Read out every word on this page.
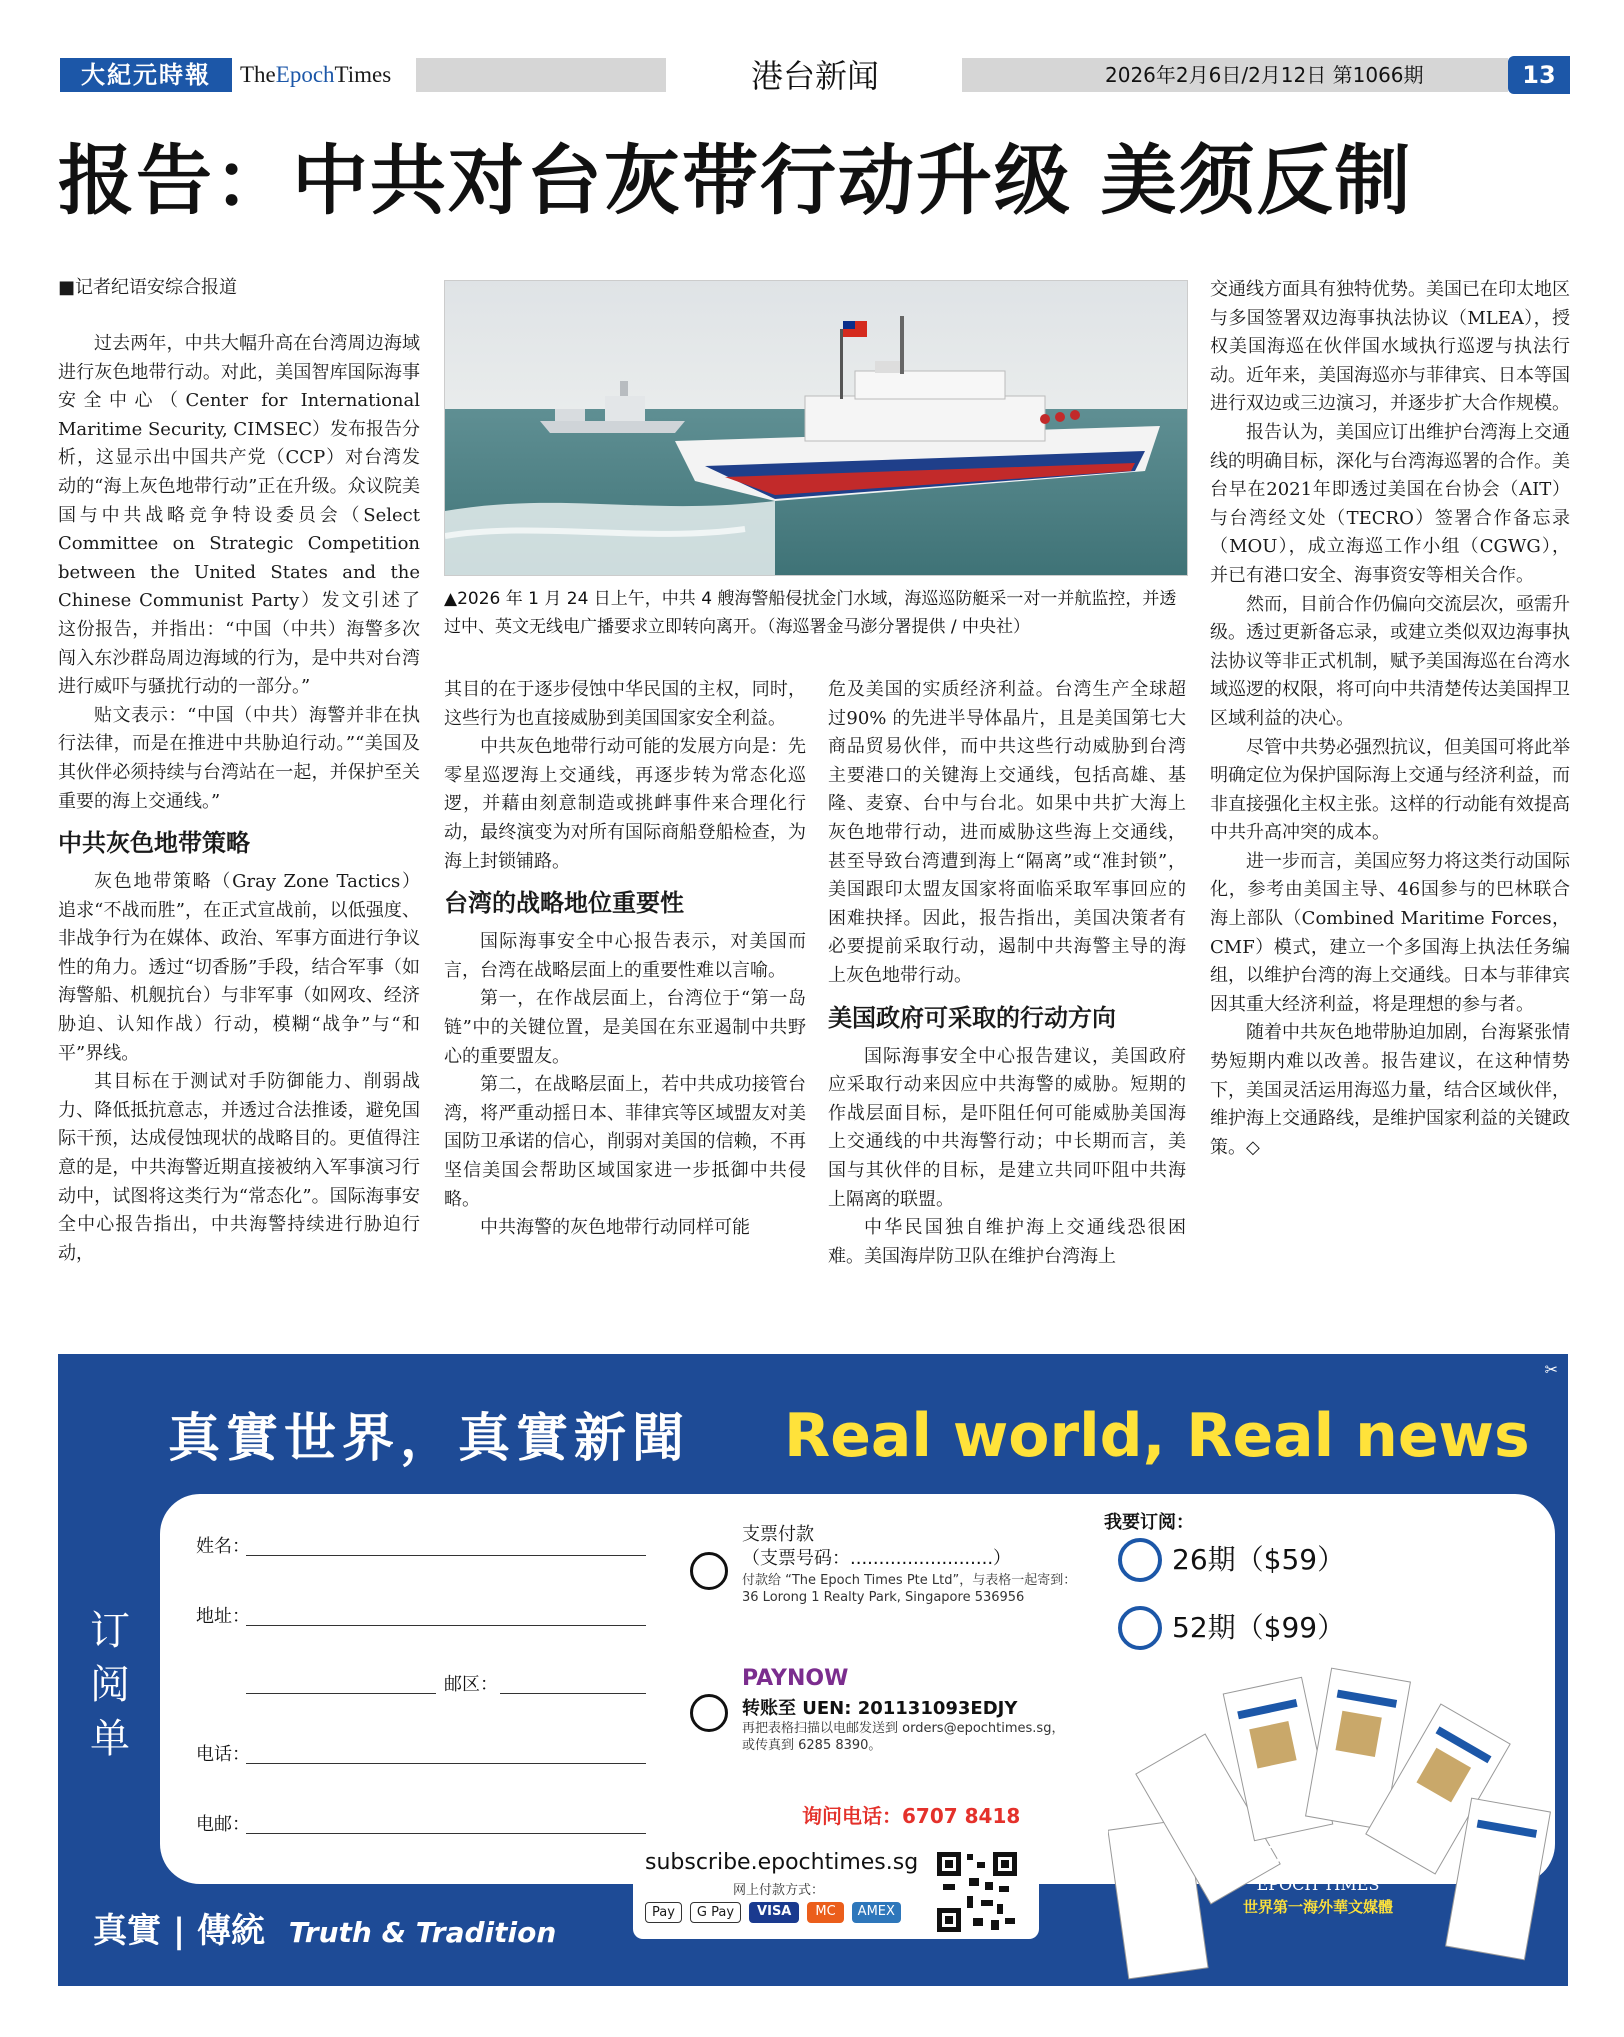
大紀元時報	TheEpochTimes	港台新闻	2026年2月6日/2月12日 第1066期	13
报告：中共对台灰带行动升级 美须反制
■记者纪语安综合报道

过去两年，中共大幅升高在台湾周边海域进行灰色地带行动。对此，美国智库国际海事安全中心（Center for International Maritime Security, CIMSEC）发布报告分析，这显示出中国共产党（CCP）对台湾发动的“海上灰色地带行动”正在升级。众议院美国与中共战略竞争特设委员会（Select Committee on Strategic Competition between the United States and the Chinese Communist Party）发文引述了这份报告，并指出：“中国（中共）海警多次闯入东沙群岛周边海域的行为，是中共对台湾进行威吓与骚扰行动的一部分。”

贴文表示：“中国（中共）海警并非在执行法律，而是在推进中共胁迫行动。”“美国及其伙伴必须持续与台湾站在一起，并保护至关重要的海上交通线。”

中共灰色地带策略

灰色地带策略（Gray Zone Tactics）追求“不战而胜”，在正式宣战前，以低强度、非战争行为在媒体、政治、军事方面进行争议性的角力。透过“切香肠”手段，结合军事（如海警船、机舰抗台）与非军事（如网攻、经济胁迫、认知作战）行动，模糊“战争”与“和平”界线。

其目标在于测试对手防御能力、削弱战力、降低抵抗意志，并透过合法推诿，避免国际干预，达成侵蚀现状的战略目的。更值得注意的是，中共海警近期直接被纳入军事演习行动中，试图将这类行为“常态化”。国际海事安全中心报告指出，中共海警持续进行胁迫行动，

▲2026 年 1 月 24 日上午，中共 4 艘海警船侵扰金门水域，海巡巡防艇采一对一并航监控，并透过中、英文无线电广播要求立即转向离开。（海巡署金马澎分署提供 / 中央社）

其目的在于逐步侵蚀中华民国的主权，同时，这些行为也直接威胁到美国国家安全利益。

中共灰色地带行动可能的发展方向是：先零星巡逻海上交通线，再逐步转为常态化巡逻，并藉由刻意制造或挑衅事件来合理化行动，最终演变为对所有国际商船登船检查，为海上封锁铺路。

台湾的战略地位重要性

国际海事安全中心报告表示，对美国而言，台湾在战略层面上的重要性难以言喻。

第一，在作战层面上，台湾位于“第一岛链”中的关键位置，是美国在东亚遏制中共野心的重要盟友。

第二，在战略层面上，若中共成功接管台湾，将严重动摇日本、菲律宾等区域盟友对美国防卫承诺的信心，削弱对美国的信赖，不再坚信美国会帮助区域国家进一步抵御中共侵略。

中共海警的灰色地带行动同样可能

危及美国的实质经济利益。台湾生产全球超过90% 的先进半导体晶片，且是美国第七大商品贸易伙伴，而中共这些行动威胁到台湾主要港口的关键海上交通线，包括高雄、基隆、麦寮、台中与台北。如果中共扩大海上灰色地带行动，进而威胁这些海上交通线，甚至导致台湾遭到海上“隔离”或“准封锁”，美国跟印太盟友国家将面临采取军事回应的困难抉择。因此，报告指出，美国决策者有必要提前采取行动，遏制中共海警主导的海上灰色地带行动。

美国政府可采取的行动方向

国际海事安全中心报告建议，美国政府应采取行动来因应中共海警的威胁。短期的作战层面目标，是吓阻任何可能威胁美国海上交通线的中共海警行动；中长期而言，美国与其伙伴的目标，是建立共同吓阻中共海上隔离的联盟。

中华民国独自维护海上交通线恐很困难。美国海岸防卫队在维护台湾海上

交通线方面具有独特优势。美国已在印太地区与多国签署双边海事执法协议（MLEA），授权美国海巡在伙伴国水域执行巡逻与执法行动。近年来，美国海巡亦与菲律宾、日本等国进行双边或三边演习，并逐步扩大合作规模。

报告认为，美国应订出维护台湾海上交通线的明确目标，深化与台湾海巡署的合作。美台早在2021年即透过美国在台协会（AIT）与台湾经文处（TECRO）签署合作备忘录（MOU），成立海巡工作小组（CGWG），并已有港口安全、海事资安等相关合作。

然而，目前合作仍偏向交流层次，亟需升级。透过更新备忘录，或建立类似双边海事执法协议等非正式机制，赋予美国海巡在台湾水域巡逻的权限，将可向中共清楚传达美国捍卫区域利益的决心。

尽管中共势必强烈抗议，但美国可将此举明确定位为保护国际海上交通与经济利益，而非直接强化主权主张。这样的行动能有效提高中共升高冲突的成本。

进一步而言，美国应努力将这类行动国际化，参考由美国主导、46国参与的巴林联合海上部队（Combined Maritime Forces，CMF）模式，建立一个多国海上执法任务编组，以维护台湾的海上交通线。日本与菲律宾因其重大经济利益，将是理想的参与者。

随着中共灰色地带胁迫加剧，台海紧张情势短期内难以改善。报告建议，在这种情势下，美国灵活运用海巡力量，结合区域伙伴，维护海上交通路线，是维护国家利益的关键政策。◇

✂
真實世界，真實新聞 Real world, Real news
订阅单
姓名：
地址：
邮区：
电话：
电邮：
支票付款
（支票号码：.........................）
付款给 “The Epoch Times Pte Ltd”，与表格一起寄到：
36 Lorong 1 Realty Park, Singapore 536956
PAYNOW
转账至 UEN: 201131093EDJY
再把表格扫描以电邮发送到 orders@epochtimes.sg，
或传真到 6285 8390。
我要订阅：
26期（$59）
52期（$99）
询问电话：6707 8418
subscribe.epochtimes.sg
网上付款方式：
Pay	G Pay	VISA	MC	AMEX
大紀元
EPOCH TIMES
世界第一海外華文媒體
真實 | 傳統 Truth & Tradition
